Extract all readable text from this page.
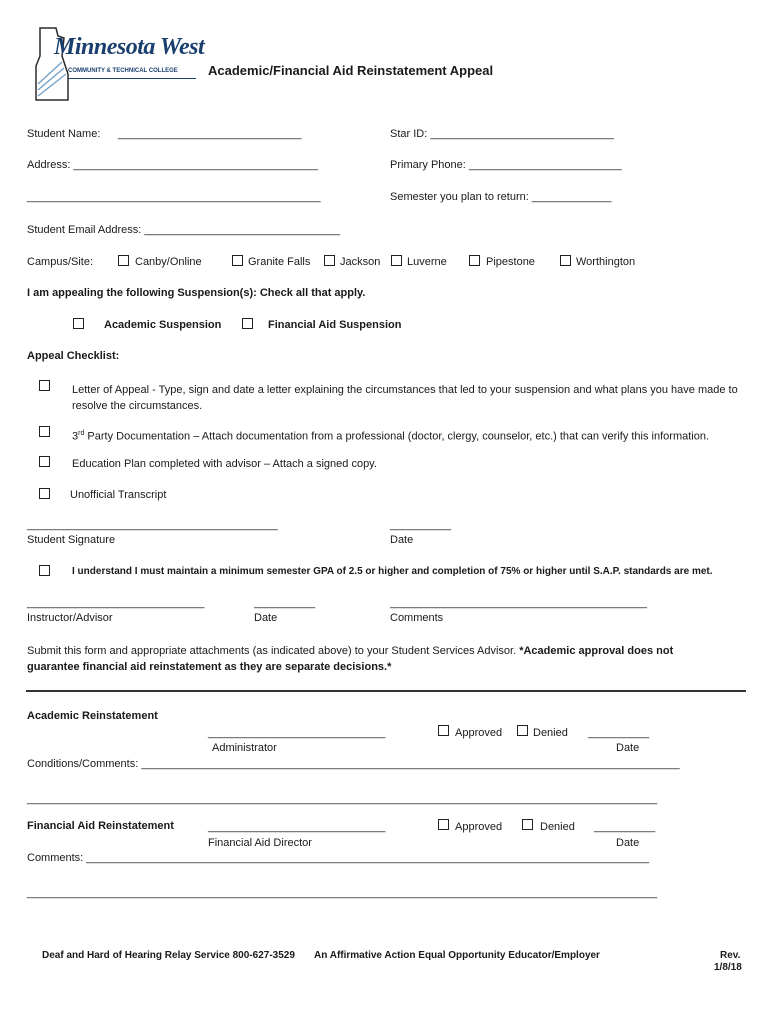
Minnesota West
COMMUNITY & TECHNICAL COLLEGE Academic/Financial Aid Reinstatement Appeal
Student Name: ______________________________	Star ID: ______________________________
Address: ________________________________________	Primary Phone: _________________________
________________________________________________	Semester you plan to return: _____________
Student Email Address: ________________________________
Campus/Site:	Canby/Online	Granite Falls	Jackson Luverne	Pipestone	Worthington
I am appealing the following Suspension(s): Check all that apply.
Academic Suspension	Financial Aid Suspension
Appeal Checklist:
Letter of Appeal - Type, sign and date a letter explaining the circumstances that led to your suspension and what plans you have made to resolve the circumstances.
3rd Party Documentation – Attach documentation from a professional (doctor, clergy, counselor, etc.) that can verify this information.
Education Plan completed with advisor – Attach a signed copy.
Unofficial Transcript
_________________________________________	__________
Student Signature	Date
I understand I must maintain a minimum semester GPA of 2.5 or higher and completion of 75% or higher until S.A.P. standards are met.
_____________________________	__________	__________________________________________
Instructor/Advisor	Date	Comments
Submit this form and appropriate attachments (as indicated above) to your Student Services Advisor. *Academic approval does not guarantee financial aid reinstatement as they are separate decisions.*
Academic Reinstatement
_____________________________	Approved	Denied __________
Administrator	Date
Conditions/Comments: ________________________________________________________________________________________
_______________________________________________________________________________________________________
Financial Aid Reinstatement	_____________________________	Approved	Denied __________
Financial Aid Director	Date
Comments: ____________________________________________________________________________________________
_______________________________________________________________________________________________________
Deaf and Hard of Hearing Relay Service 800-627-3529 An Affirmative Action Equal Opportunity Educator/Employer	Rev.
1/8/18
